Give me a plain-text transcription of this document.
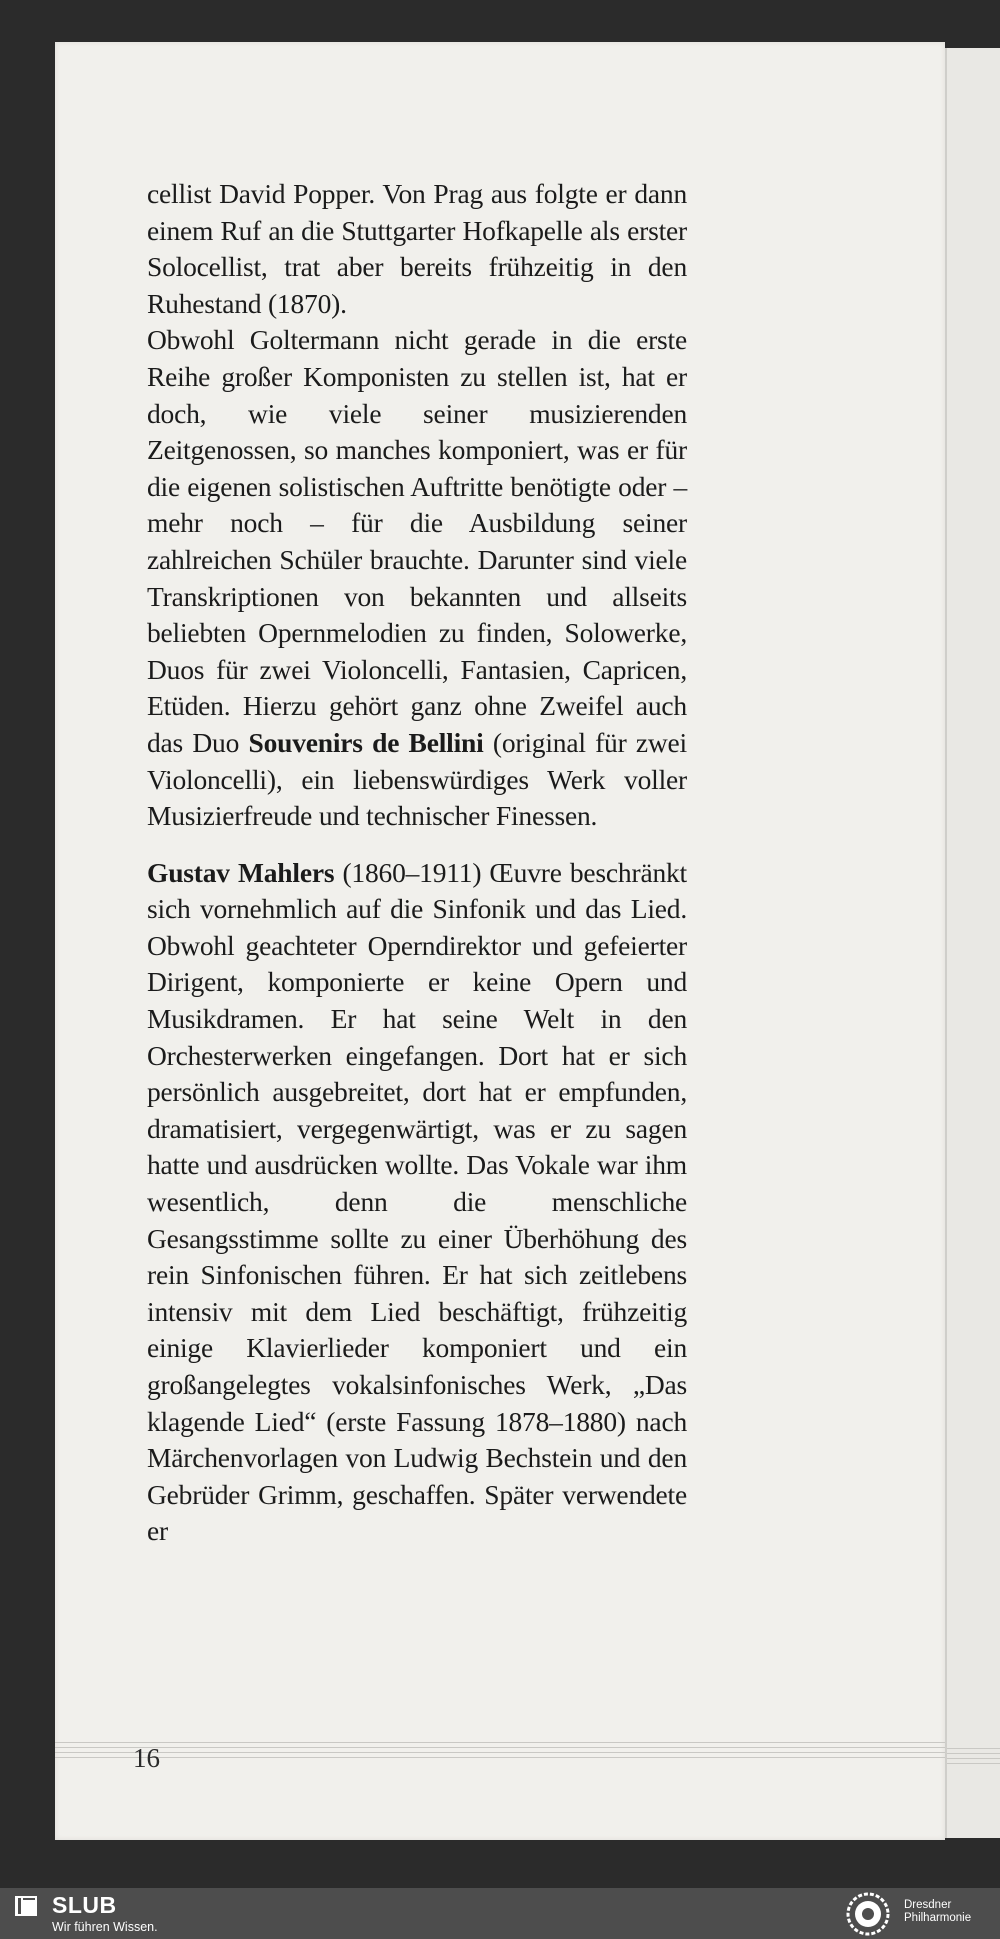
cellist David Popper. Von Prag aus folgte er dann einem Ruf an die Stuttgarter Hofkapelle als erster Solocellist, trat aber bereits frühzeitig in den Ruhestand (1870).

Obwohl Goltermann nicht gerade in die erste Reihe großer Komponisten zu stellen ist, hat er doch, wie viele seiner musizierenden Zeitgenossen, so manches komponiert, was er für die eigenen solistischen Auftritte benötigte oder – mehr noch – für die Ausbildung seiner zahlreichen Schüler brauchte. Darunter sind viele Transkriptionen von bekannten und allseits beliebten Opernmelodien zu finden, Solowerke, Duos für zwei Violoncelli, Fantasien, Capricen, Etüden. Hierzu gehört ganz ohne Zweifel auch das Duo Souvenirs de Bellini (original für zwei Violoncelli), ein liebenswürdiges Werk voller Musizierfreude und technischer Finessen.

Gustav Mahlers (1860–1911) Œuvre beschränkt sich vornehmlich auf die Sinfonik und das Lied. Obwohl geachteter Operndirektor und gefeierter Dirigent, komponierte er keine Opern und Musikdramen. Er hat seine Welt in den Orchesterwerken eingefangen. Dort hat er sich persönlich ausgebreitet, dort hat er empfunden, dramatisiert, vergegenwärtigt, was er zu sagen hatte und ausdrücken wollte. Das Vokale war ihm wesentlich, denn die menschliche Gesangsstimme sollte zu einer Überhöhung des rein Sinfonischen führen. Er hat sich zeitlebens intensiv mit dem Lied beschäftigt, frühzeitig einige Klavierlieder komponiert und ein großangelegtes vokalsinfonisches Werk, „Das klagende Lied“ (erste Fassung 1878–1880) nach Märchenvorlagen von Ludwig Bechstein und den Gebrüder Grimm, geschaffen. Später verwendete er

16
SLUB
Wir führen Wissen.
Dresdner
Philharmonie
